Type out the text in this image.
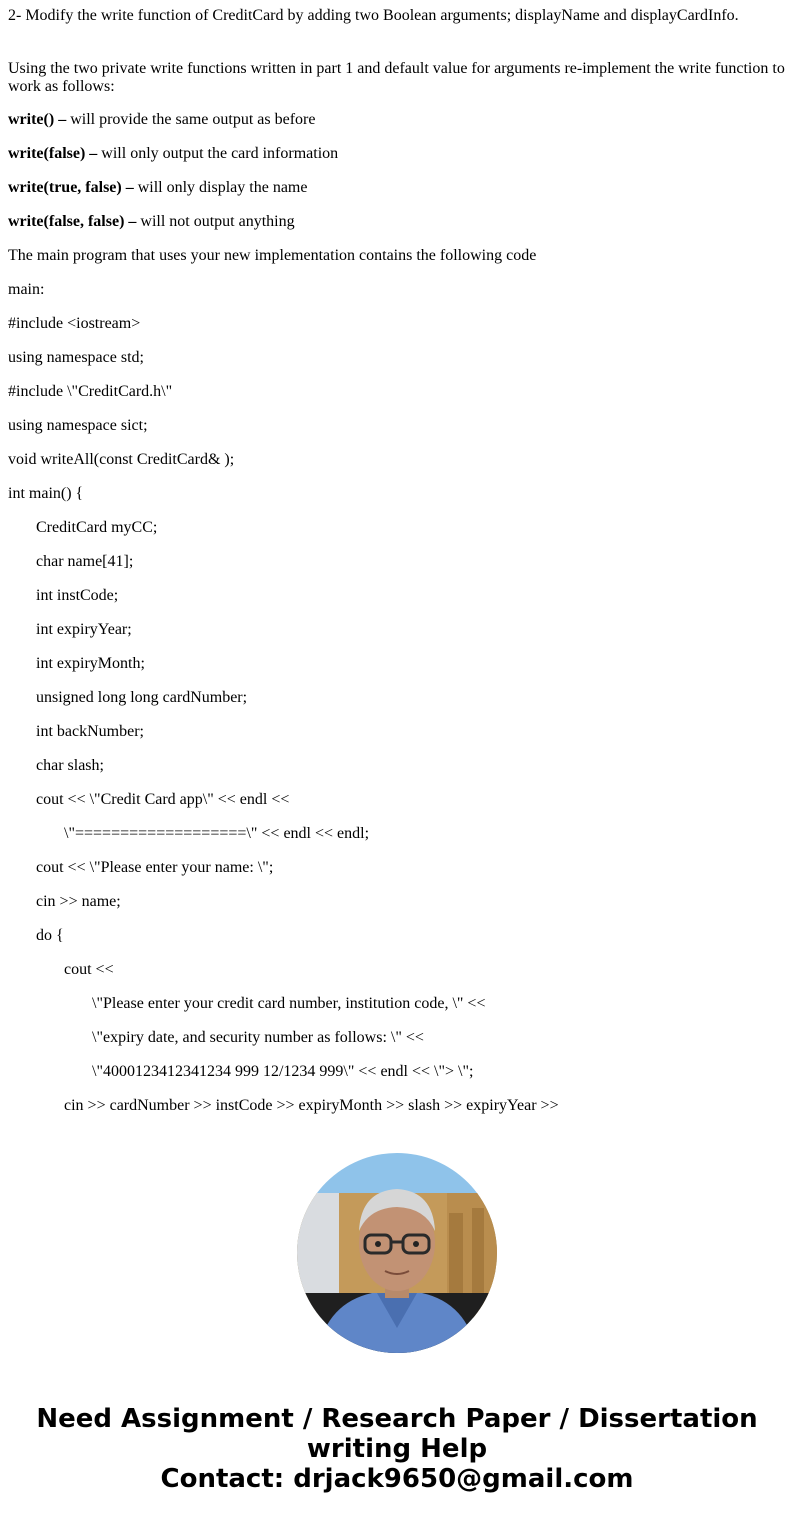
2- Modify the write function of CreditCard by adding two Boolean arguments; displayName and displayCardInfo.
Using the two private write functions written in part 1 and default value for arguments re-implement the write function to work as follows:
write() – will provide the same output as before
write(false) – will only output the card information
write(true, false) – will only display the name
write(false, false) – will not output anything
The main program that uses your new implementation contains the following code
main:
#include <iostream>
using namespace std;
#include \"CreditCard.h\"
using namespace sict;
void writeAll(const CreditCard& );
int main() {
CreditCard myCC;
char name[41];
int instCode;
int expiryYear;
int expiryMonth;
unsigned long long cardNumber;
int backNumber;
char slash;
cout << \"Credit Card app\" << endl <<
\"===================\" << endl << endl;
cout << \"Please enter your name: \";
cin >> name;
do {
cout <<
\"Please enter your credit card number, institution code, \" <<
\"expiry date, and security number as follows: \" <<
\"4000123412341234 999 12/1234 999\" << endl << \"> \";
cin >> cardNumber >> instCode >> expiryMonth >> slash >> expiryYear >>
Need Assignment / Research Paper / Dissertation
writing Help
Contact: drjack9650@gmail.com
